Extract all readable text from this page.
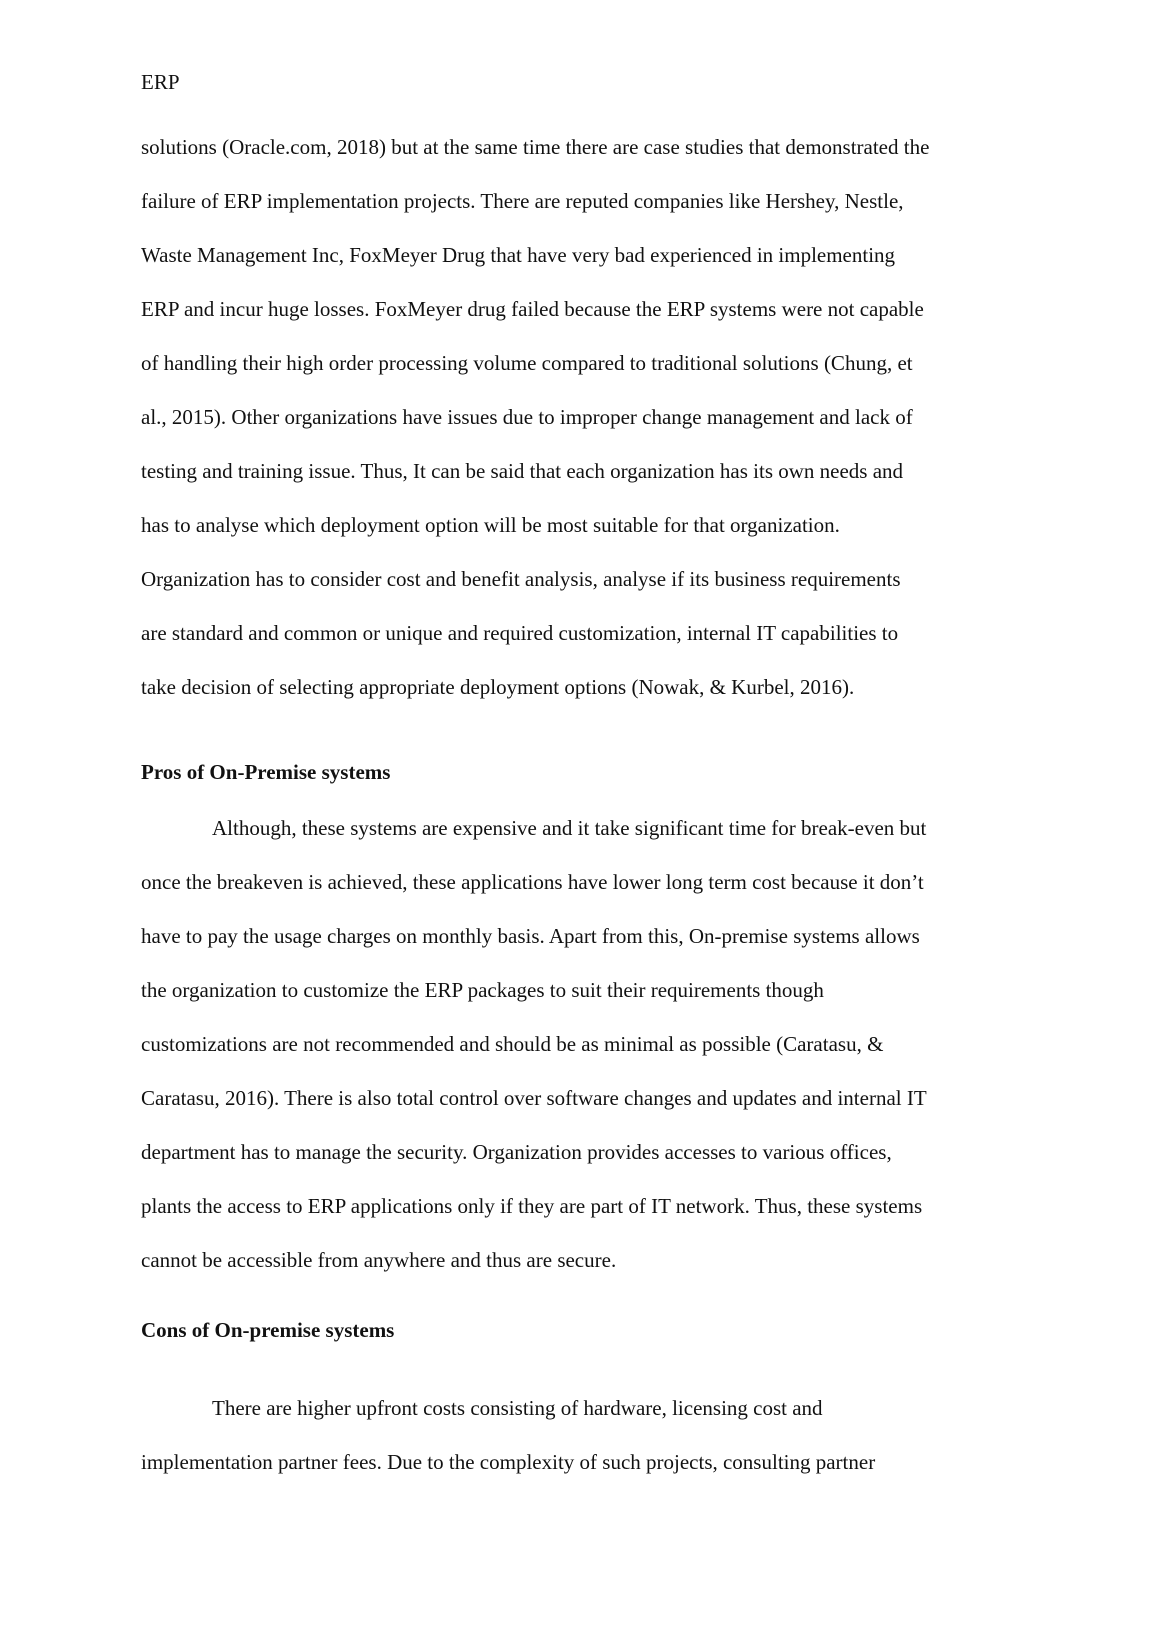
ERP
solutions (Oracle.com, 2018) but at the same time there are case studies that demonstrated the
failure of ERP implementation projects. There are reputed companies like Hershey, Nestle,
Waste Management Inc, FoxMeyer Drug that have very bad experienced in implementing
ERP and incur huge losses. FoxMeyer drug failed because the ERP systems were not capable
of handling their high order processing volume compared to traditional solutions (Chung, et
al., 2015). Other organizations have issues due to improper change management and lack of
testing and training issue. Thus, It can be said that each organization has its own needs and
has to analyse which deployment option will be most suitable for that organization.
Organization has to consider cost and benefit analysis, analyse if its business requirements
are standard and common or unique and required customization, internal IT capabilities to
take decision of selecting appropriate deployment options (Nowak, & Kurbel, 2016).
Pros of On-Premise systems
Although, these systems are expensive and it take significant time for break-even but
once the breakeven is achieved, these applications have lower long term cost because it don’t
have to pay the usage charges on monthly basis. Apart from this, On-premise systems allows
the organization to customize the ERP packages to suit their requirements though
customizations are not recommended and should be as minimal as possible (Caratasu, &
Caratasu, 2016). There is also total control over software changes and updates and internal IT
department has to manage the security. Organization provides accesses to various offices,
plants the access to ERP applications only if they are part of IT network. Thus, these systems
cannot be accessible from anywhere and thus are secure.
Cons of On-premise systems
There are higher upfront costs consisting of hardware, licensing cost and
implementation partner fees. Due to the complexity of such projects, consulting partner
